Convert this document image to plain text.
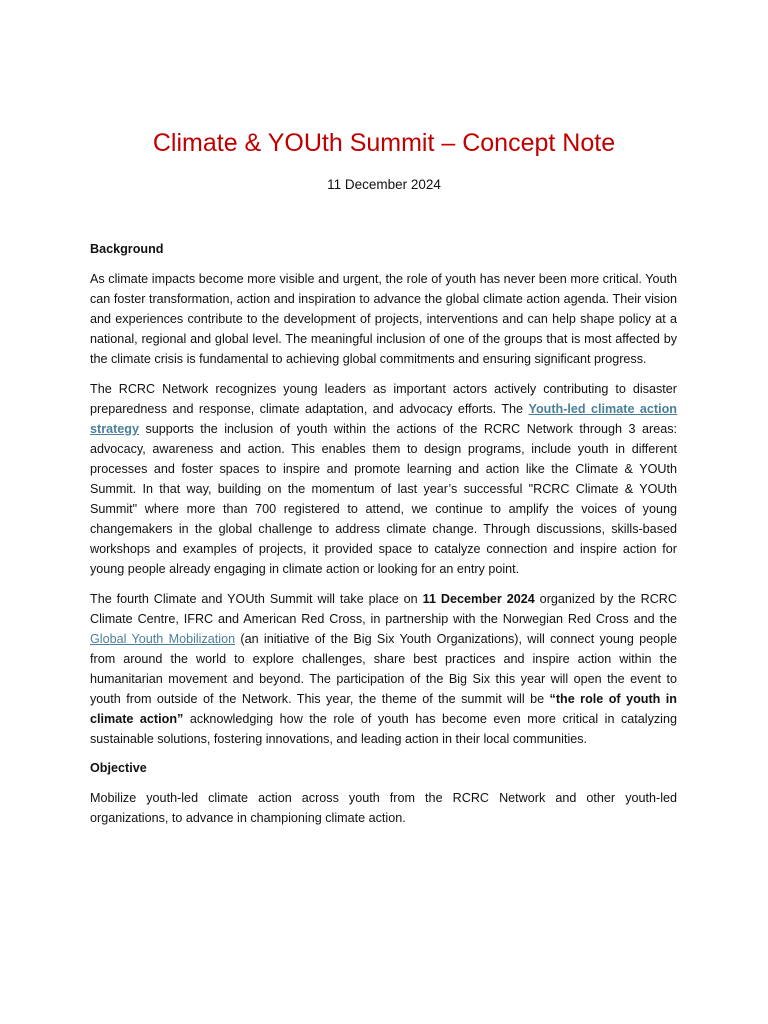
Climate & YOUth Summit – Concept Note
11 December 2024
Background

As climate impacts become more visible and urgent, the role of youth has never been more critical. Youth can foster transformation, action and inspiration to advance the global climate action agenda. Their vision and experiences contribute to the development of projects, interventions and can help shape policy at a national, regional and global level. The meaningful inclusion of one of the groups that is most affected by the climate crisis is fundamental to achieving global commitments and ensuring significant progress.

The RCRC Network recognizes young leaders as important actors actively contributing to disaster preparedness and response, climate adaptation, and advocacy efforts. The Youth-led climate action strategy supports the inclusion of youth within the actions of the RCRC Network through 3 areas: advocacy, awareness and action. This enables them to design programs, include youth in different processes and foster spaces to inspire and promote learning and action like the Climate & YOUth Summit. In that way, building on the momentum of last year’s successful "RCRC Climate & YOUth Summit" where more than 700 registered to attend, we continue to amplify the voices of young changemakers in the global challenge to address climate change. Through discussions, skills-based workshops and examples of projects, it provided space to catalyze connection and inspire action for young people already engaging in climate action or looking for an entry point.

The fourth Climate and YOUth Summit will take place on 11 December 2024 organized by the RCRC Climate Centre, IFRC and American Red Cross, in partnership with the Norwegian Red Cross and the Global Youth Mobilization (an initiative of the Big Six Youth Organizations), will connect young people from around the world to explore challenges, share best practices and inspire action within the humanitarian movement and beyond. The participation of the Big Six this year will open the event to youth from outside of the Network. This year, the theme of the summit will be “the role of youth in climate action” acknowledging how the role of youth has become even more critical in catalyzing sustainable solutions, fostering innovations, and leading action in their local communities.

Objective

Mobilize youth-led climate action across youth from the RCRC Network and other youth-led organizations, to advance in championing climate action.
